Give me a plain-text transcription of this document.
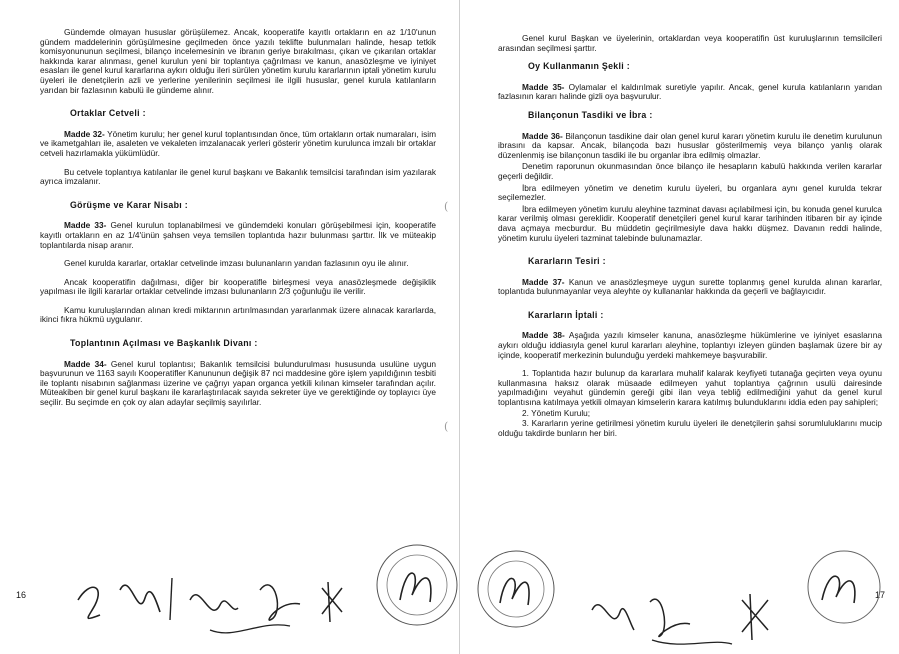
Gündemde olmayan hususlar görüşülemez. Ancak, kooperatife kayıtlı ortakların en az 1/10'unun gündem maddelerinin görüşülmesine geçilmeden önce yazılı teklifte bulunmaları halinde, hesap tetkik komisyonununun seçilmesi, bilanço incelemesinin ve ibranın geriye bırakılması, çıkan ve çıkarılan ortaklar hakkında karar alınması, genel kurulun yeni bir toplantıya çağrılması ve kanun, anasözleşme ve iyiniyet esasları ile genel kurul kararlarına aykırı olduğu ileri sürülen yönetim kurulu kararlarının iptali yönetim kurulu üyeleri ile denetçilerin azli ve yerlerine yenilerinin seçilmesi ile ilgili hususlar, genel kurula katılanların yarıdan bir fazlasının kabulü ile gündeme alınır.

Ortaklar Cetveli :

Madde 32- Yönetim kurulu; her genel kurul toplantısından önce, tüm ortakların ortak numaraları, isim ve ikametgahları ile, asaleten ve vekaleten imzalanacak yerleri gösterir yönetim kurulunca imzalı bir ortaklar cetveli hazırlamakla yükümlüdür.

Bu cetvele toplantıya katılanlar ile genel kurul başkanı ve Bakanlık temsilcisi tarafından isim yazılarak ayrıca imzalanır.

Görüşme ve Karar Nisabı :

Madde 33- Genel kurulun toplanabilmesi ve gündemdeki konuları görüşebilmesi için, kooperatife kayıtlı ortakların en az 1/4'ünün şahsen veya temsilen toplantıda hazır bulunması şarttır. İlk ve müteakip toplantılarda nisap aranır.

Genel kurulda kararlar, ortaklar cetvelinde imzası bulunanların yarıdan fazlasının oyu ile alınır.

Ancak kooperatifin dağılması, diğer bir kooperatifle birleşmesi veya anasözleşmede değişiklik yapılması ile ilgili kararlar ortaklar cetvelinde imzası bulunanların 2/3 çoğunluğu ile verilir.

Kamu kuruluşlarından alınan kredi miktarının artırılmasından yararlanmak üzere alınacak kararlarda, ikinci fıkra hükmü uygulanır.

Toplantının Açılması ve Başkanlık Divanı :

Madde 34- Genel kurul toplantısı; Bakanlık temsilcisi bulundurulması hususunda usulüne uygun başvurunun ve 1163 sayılı Kooperatifler Kanununun değişik 87 nci maddesine göre işlem yapıldığının tesbiti ile toplantı nisabının sağlanması üzerine ve çağrıyı yapan organca yetkili kılınan kimseler tarafından açılır. Müteakiben bir genel kurul başkanı ile kararlaştırılacak sayıda sekreter üye ve gerektiğinde oy toplayıcı üye seçilir. Bu seçimde en çok oy alan adaylar seçilmiş sayılırlar.

16
(
(

Genel kurul Başkan ve üyelerinin, ortaklardan veya kooperatifin üst kuruluşlarının temsilcileri arasından seçilmesi şarttır.

Oy Kullanmanın Şekli :

Madde 35- Oylamalar el kaldırılmak suretiyle yapılır. Ancak, genel kurula katılanların yarıdan fazlasının kararı halinde gizli oya başvurulur.

Bilançonun Tasdiki ve İbra :

Madde 36- Bilançonun tasdikine dair olan genel kurul kararı yönetim kurulu ile denetim kurulunun ibrasını da kapsar. Ancak, bilançoda bazı hususlar gösterilmemiş veya bilanço yanlış olarak düzenlenmiş ise bilançonun tasdiki ile bu organlar ibra edilmiş olmazlar.

Denetim raporunun okunmasından önce bilanço ile hesapların kabulü hakkında verilen kararlar geçerli değildir.

İbra edilmeyen yönetim ve denetim kurulu üyeleri, bu organlara aynı genel kurulda tekrar seçilemezler.

İbra edilmeyen yönetim kurulu aleyhine tazminat davası açılabilmesi için, bu konuda genel kurulca karar verilmiş olması gereklidir. Kooperatif denetçileri genel kurul karar tarihinden itibaren bir ay içinde dava açmaya mecburdur. Bu müddetin geçirilmesiyle dava hakkı düşmez. Davanın reddi halinde, yönetim kurulu üyeleri tazminat talebinde bulunamazlar.

Kararların Tesiri :

Madde 37- Kanun ve anasözleşmeye uygun surette toplanmış genel kurulda alınan kararlar, toplantıda bulunmayanlar veya aleyhte oy kullananlar hakkında da geçerli ve bağlayıcıdır.

Kararların İptali :

Madde 38- Aşağıda yazılı kimseler kanuna, anasözleşme hükümlerine ve iyiniyet esaslarına aykırı olduğu iddiasıyla genel kurul kararları aleyhine, toplantıyı izleyen günden başlamak üzere bir ay içinde, kooperatif merkezinin bulunduğu yerdeki mahkemeye başvurabilir.

1. Toplantıda hazır bulunup da kararlara muhalif kalarak keyfiyeti tutanağa geçirten veya oyunu kullanmasına haksız olarak müsaade edilmeyen yahut toplantıya çağrının usulü dairesinde yapılmadığını veyahut gündemin gereği gibi ilan veya tebliğ edilmediğini yahut da genel kurul toplantısına katılmaya yetkili olmayan kimselerin karara katılmış bulunduklarını iddia eden pay sahipleri;

2. Yönetim Kurulu;

3. Kararların yerine getirilmesi yönetim kurulu üyeleri ile denetçilerin şahsi sorumluluklarını mucip olduğu takdirde bunların her biri.

17
